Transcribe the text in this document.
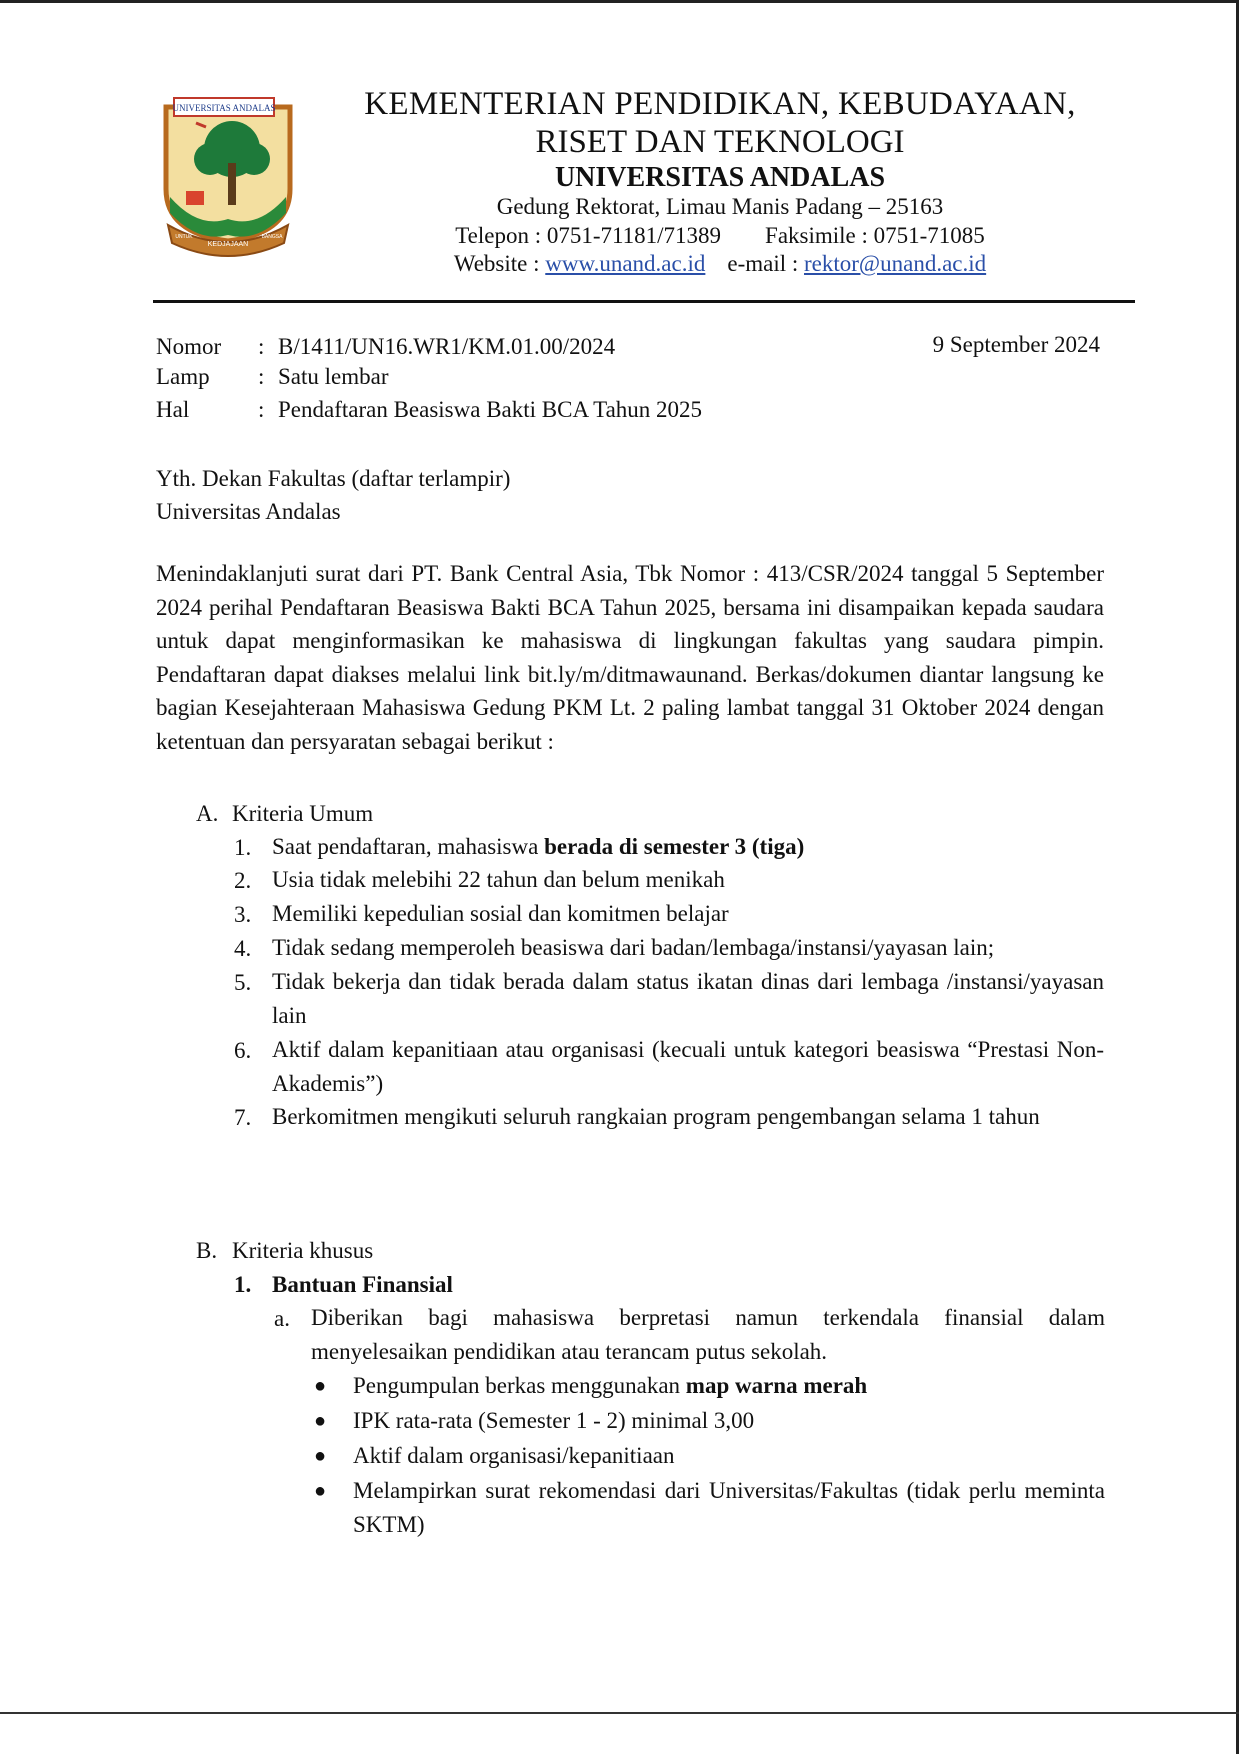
UNIVERSITAS ANDALAS
KEDJAJAAN
UNTUK	BANGSA
KEMENTERIAN PENDIDIKAN, KEBUDAYAAN,
RISET DAN TEKNOLOGI
UNIVERSITAS ANDALAS
Gedung Rektorat, Limau Manis Padang – 25163
Telepon : 0751-71181/71389 Faksimile : 0751-71085
Website : www.unand.ac.id e-mail : rektor@unand.ac.id
Nomor : B/1411/UN16.WR1/KM.01.00/2024	9 September 2024
Lamp : Satu lembar
Hal	: Pendaftaran Beasiswa Bakti BCA Tahun 2025
Yth. Dekan Fakultas (daftar terlampir)
Universitas Andalas
Menindaklanjuti surat dari PT. Bank Central Asia, Tbk Nomor : 413/CSR/2024 tanggal 5 September 2024 perihal Pendaftaran Beasiswa Bakti BCA Tahun 2025, bersama ini disampaikan kepada saudara untuk dapat menginformasikan ke mahasiswa di lingkungan fakultas yang saudara pimpin. Pendaftaran dapat diakses melalui link bit.ly/m/ditmawaunand. Berkas/dokumen diantar langsung ke bagian Kesejahteraan Mahasiswa Gedung PKM Lt. 2 paling lambat tanggal 31 Oktober 2024 dengan ketentuan dan persyaratan sebagai berikut :
A. Kriteria Umum
1. Saat pendaftaran, mahasiswa berada di semester 3 (tiga)
2. Usia tidak melebihi 22 tahun dan belum menikah
3. Memiliki kepedulian sosial dan komitmen belajar
4. Tidak sedang memperoleh beasiswa dari badan/lembaga/instansi/yayasan lain;
5. Tidak bekerja dan tidak berada dalam status ikatan dinas dari lembaga /instansi/yayasan lain
6. Aktif dalam kepanitiaan atau organisasi (kecuali untuk kategori beasiswa “Prestasi Non-Akademis”)
7. Berkomitmen mengikuti seluruh rangkaian program pengembangan selama 1 tahun
B. Kriteria khusus
1. Bantuan Finansial
a. Diberikan bagi mahasiswa berpretasi namun terkendala finansial dalam menyelesaikan pendidikan atau terancam putus sekolah.
● Pengumpulan berkas menggunakan map warna merah
● IPK rata-rata (Semester 1 - 2) minimal 3,00
● Aktif dalam organisasi/kepanitiaan
● Melampirkan surat rekomendasi dari Universitas/Fakultas (tidak perlu meminta SKTM)
